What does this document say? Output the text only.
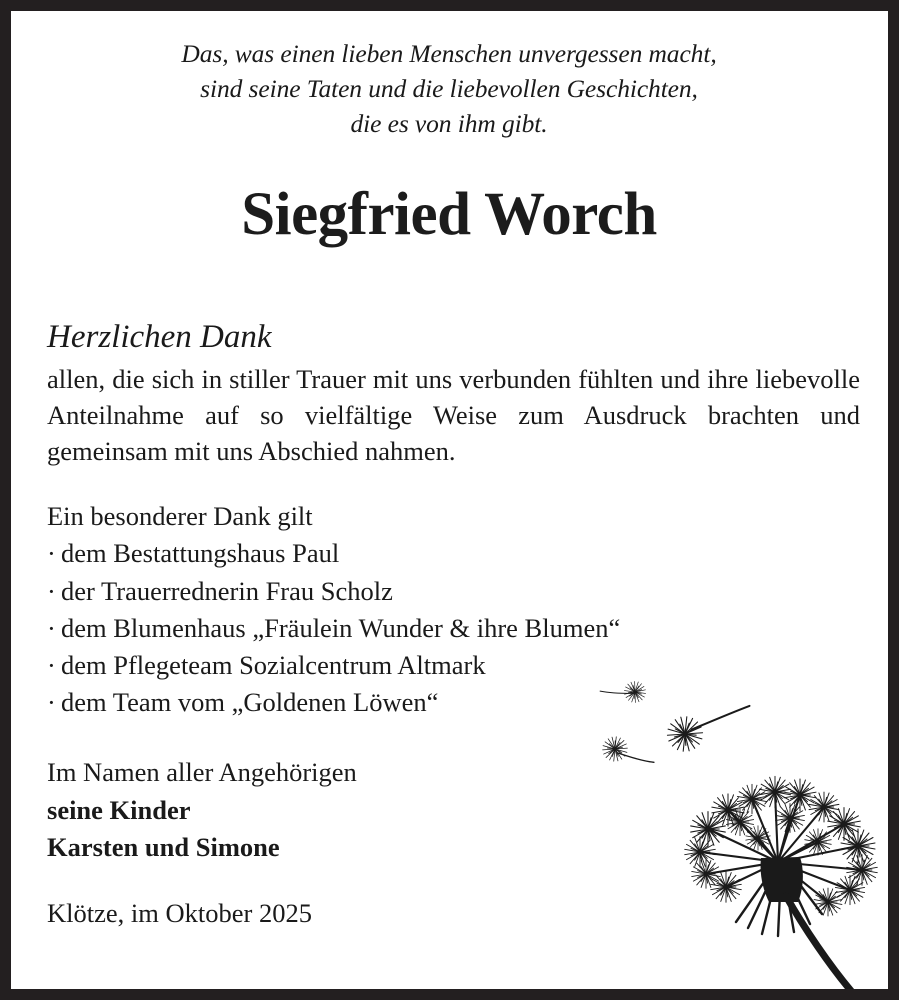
Das, was einen lieben Menschen unvergessen macht,
sind seine Taten und die liebevollen Geschichten,
die es von ihm gibt.
Siegfried Worch
Herzlichen Dank
allen, die sich in stiller Trauer mit uns verbunden fühlten und ihre liebevolle Anteilnahme auf so vielfältige Weise zum Ausdruck brachten und gemeinsam mit uns Abschied nahmen.
Ein besonderer Dank gilt
· dem Bestattungshaus Paul
· der Trauerrednerin Frau Scholz
· dem Blumenhaus „Fräulein Wunder & ihre Blumen“
· dem Pflegeteam Sozialcentrum Altmark
· dem Team vom „Goldenen Löwen“
Im Namen aller Angehörigen
seine Kinder
Karsten und Simone
Klötze, im Oktober 2025
